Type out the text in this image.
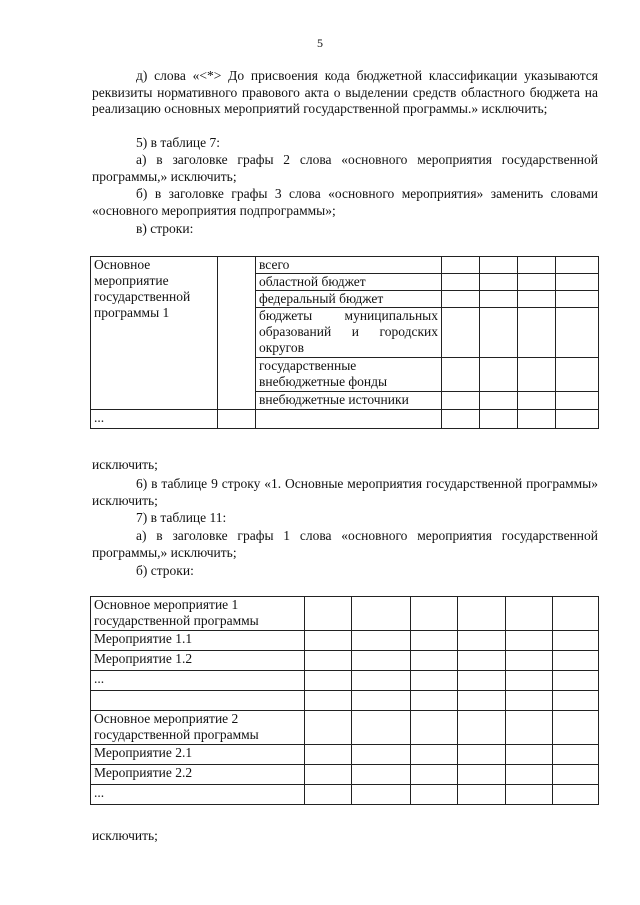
5

д) слова «<*> До присвоения кода бюджетной классификации указываются реквизиты нормативного правового акта о выделении средств областного бюджета на реализацию основных мероприятий государственной программы.» исключить;

5) в таблице 7:

а) в заголовке графы 2 слова «основного мероприятия государственной программы,» исключить;

б) в заголовке графы 3 слова «основного мероприятия» заменить словами «основного мероприятия подпрограммы»;

в) строки:

Основное мероприятие государственной программы 1		всего				
		областной бюджет				
		федеральный бюджет				
		бюджеты муниципальных образований и городских округов				
		государственные внебюджетные фонды				
		внебюджетные источники				
...						

исключить;

6) в таблице 9 строку «1. Основные мероприятия государственной программы» исключить;

7) в таблице 11:

а) в заголовке графы 1 слова «основного мероприятия государственной программы,» исключить;

б) строки:

Основное мероприятие 1 государственной программы						
Мероприятие 1.1						
Мероприятие 1.2						
...						

Основное мероприятие 2 государственной программы						
Мероприятие 2.1						
Мероприятие 2.2						
...						

исключить;
